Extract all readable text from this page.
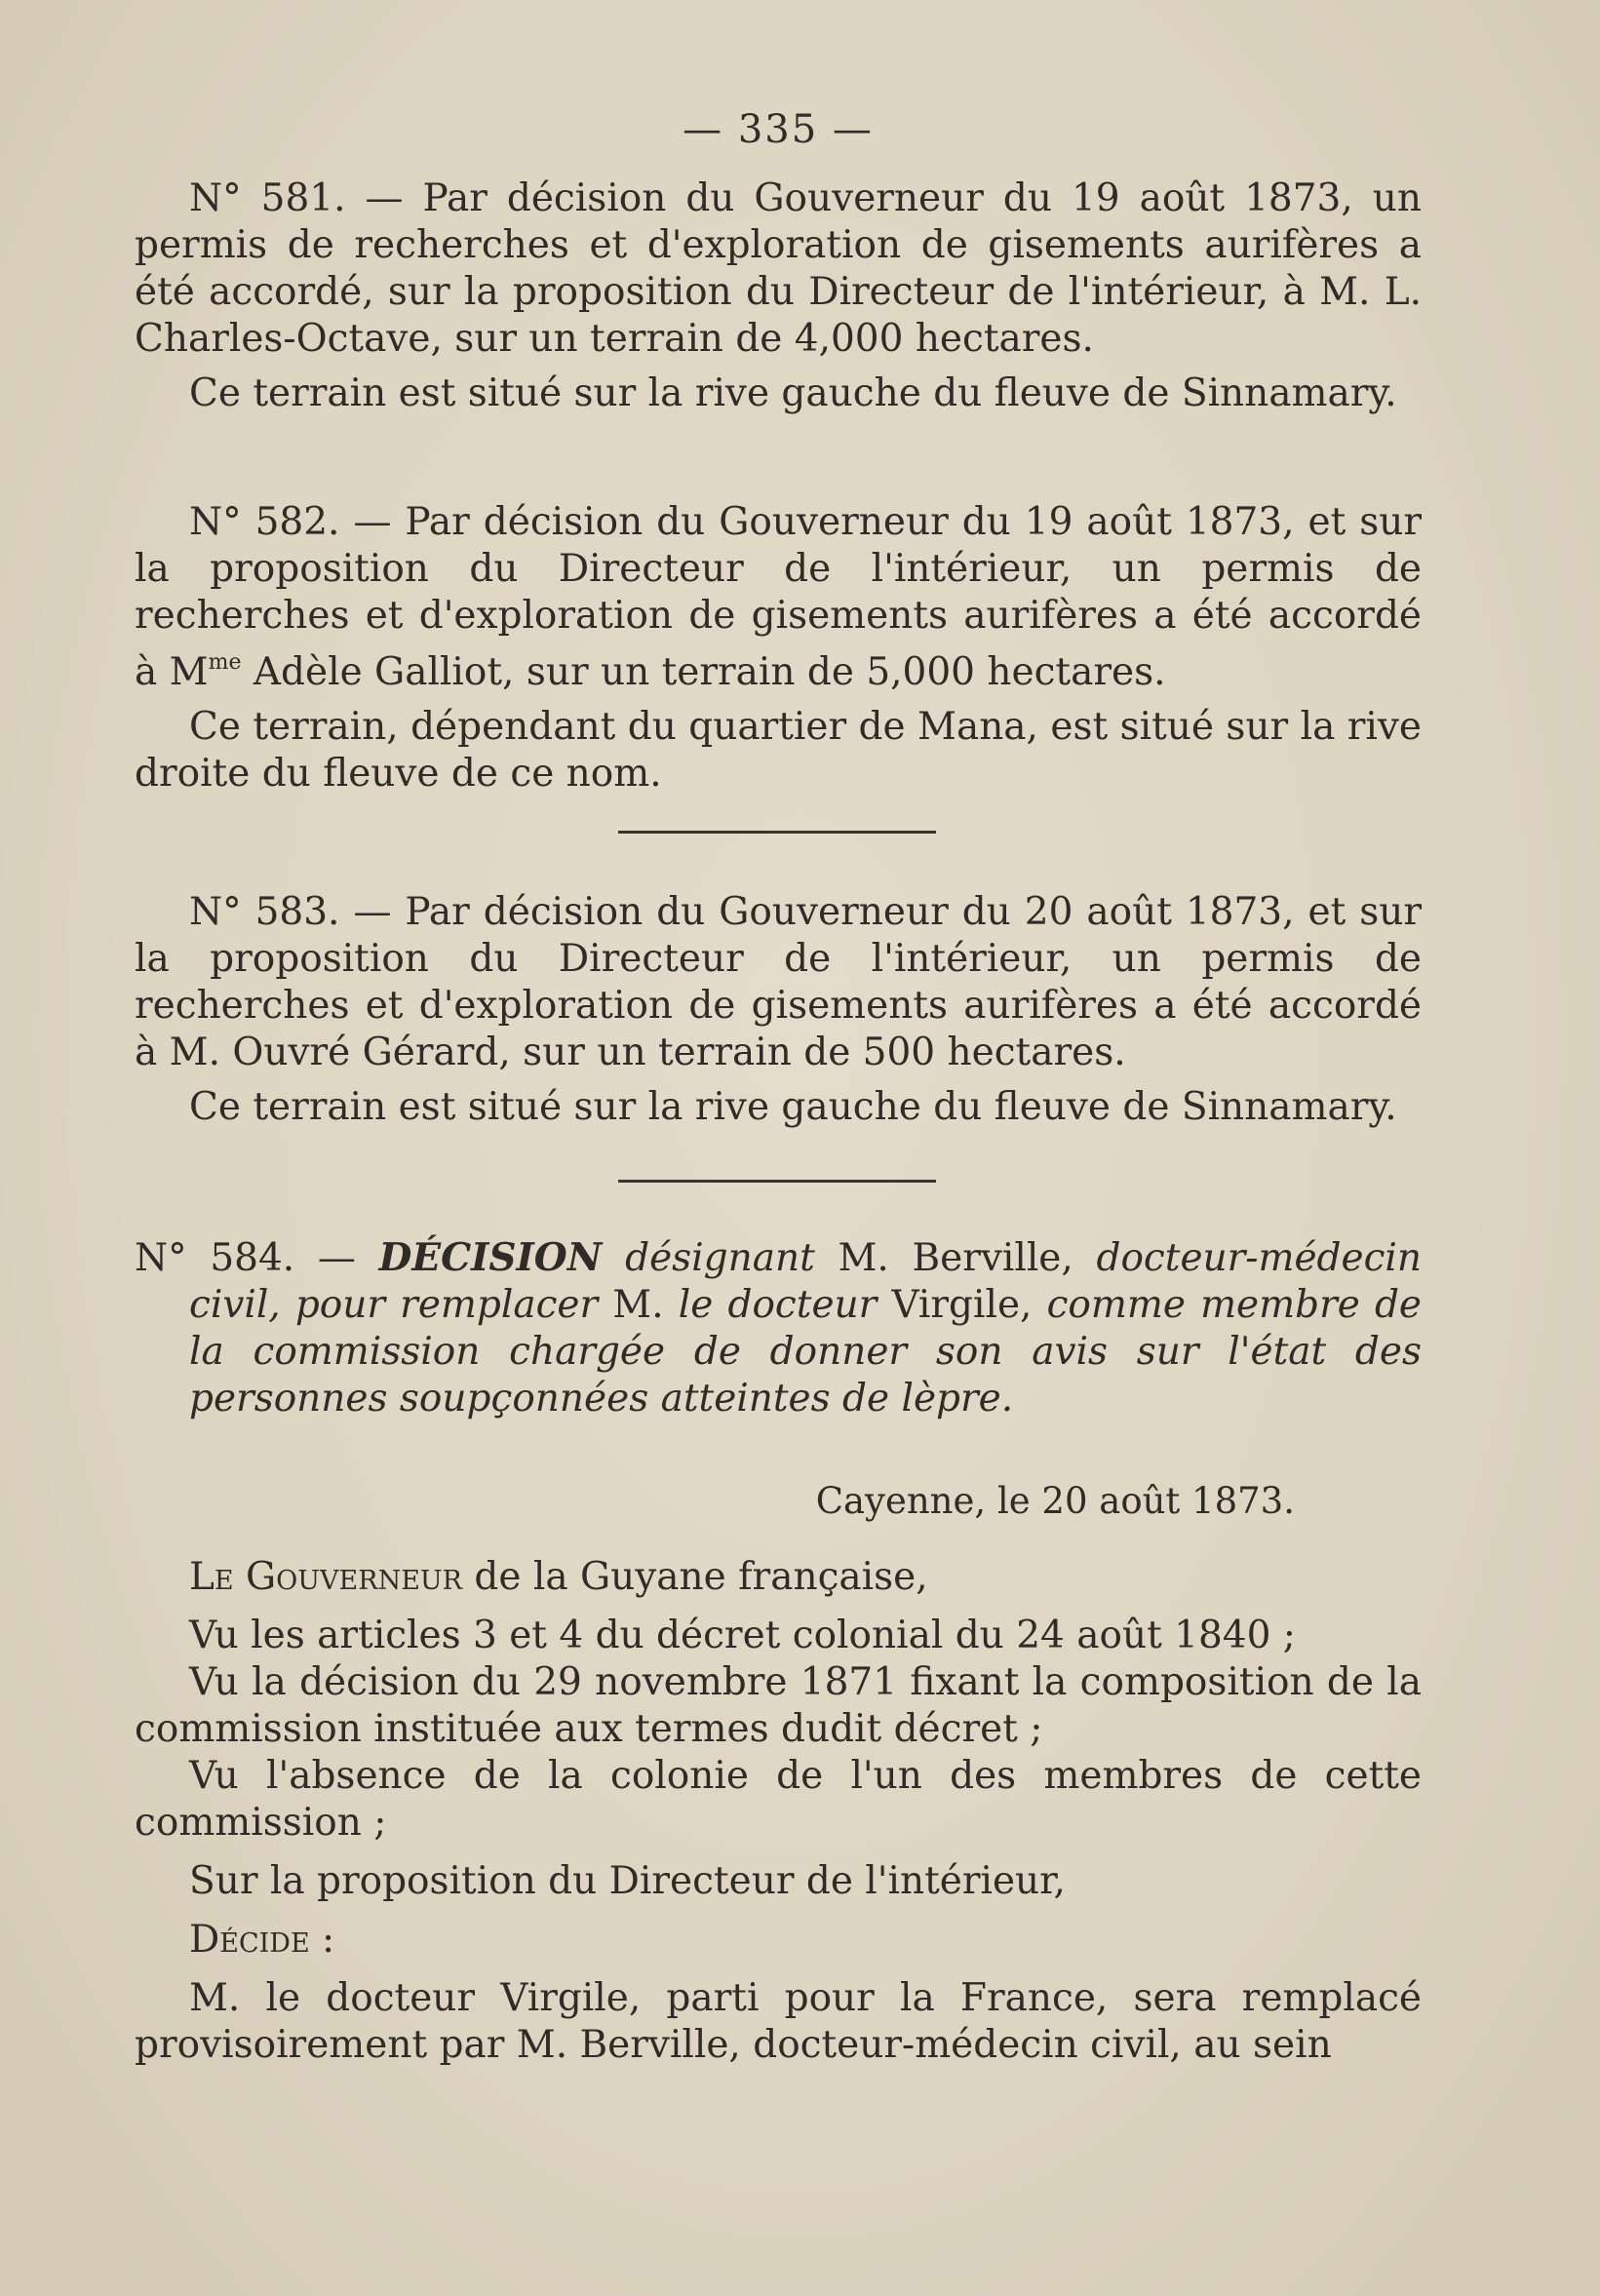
— 335 —

N° 581. — Par décision du Gouverneur du 19 août 1873, un permis de recherches et d'exploration de gisements aurifères a été accordé, sur la proposition du Directeur de l'intérieur, à M. L. Charles-Octave, sur un terrain de 4,000 hectares.

Ce terrain est situé sur la rive gauche du fleuve de Sinnamary.

N° 582. — Par décision du Gouverneur du 19 août 1873, et sur la proposition du Directeur de l'intérieur, un permis de recherches et d'exploration de gisements aurifères a été accordé à $M^{me}$ Adèle Galliot, sur un terrain de 5,000 hectares.

Ce terrain, dépendant du quartier de Mana, est situé sur la rive droite du fleuve de ce nom.

N° 583. — Par décision du Gouverneur du 20 août 1873, et sur la proposition du Directeur de l'intérieur, un permis de recherches et d'exploration de gisements aurifères a été accordé à M. Ouvré Gérard, sur un terrain de 500 hectares.

Ce terrain est situé sur la rive gauche du fleuve de Sinnamary.

N° 584. — DÉCISION désignant M. Berville, docteur-médecin civil, pour remplacer M. le docteur Virgile, comme membre de la commission chargée de donner son avis sur l'état des personnes soupçonnées atteintes de lèpre.

Cayenne, le 20 août 1873.

Le Gouverneur de la Guyane française,

Vu les articles 3 et 4 du décret colonial du 24 août 1840 ;

Vu la décision du 29 novembre 1871 fixant la composition de la commission instituée aux termes dudit décret ;

Vu l'absence de la colonie de l'un des membres de cette commission ;

Sur la proposition du Directeur de l'intérieur,

Décide :

M. le docteur Virgile, parti pour la France, sera remplacé provisoirement par M. Berville, docteur-médecin civil, au sein
